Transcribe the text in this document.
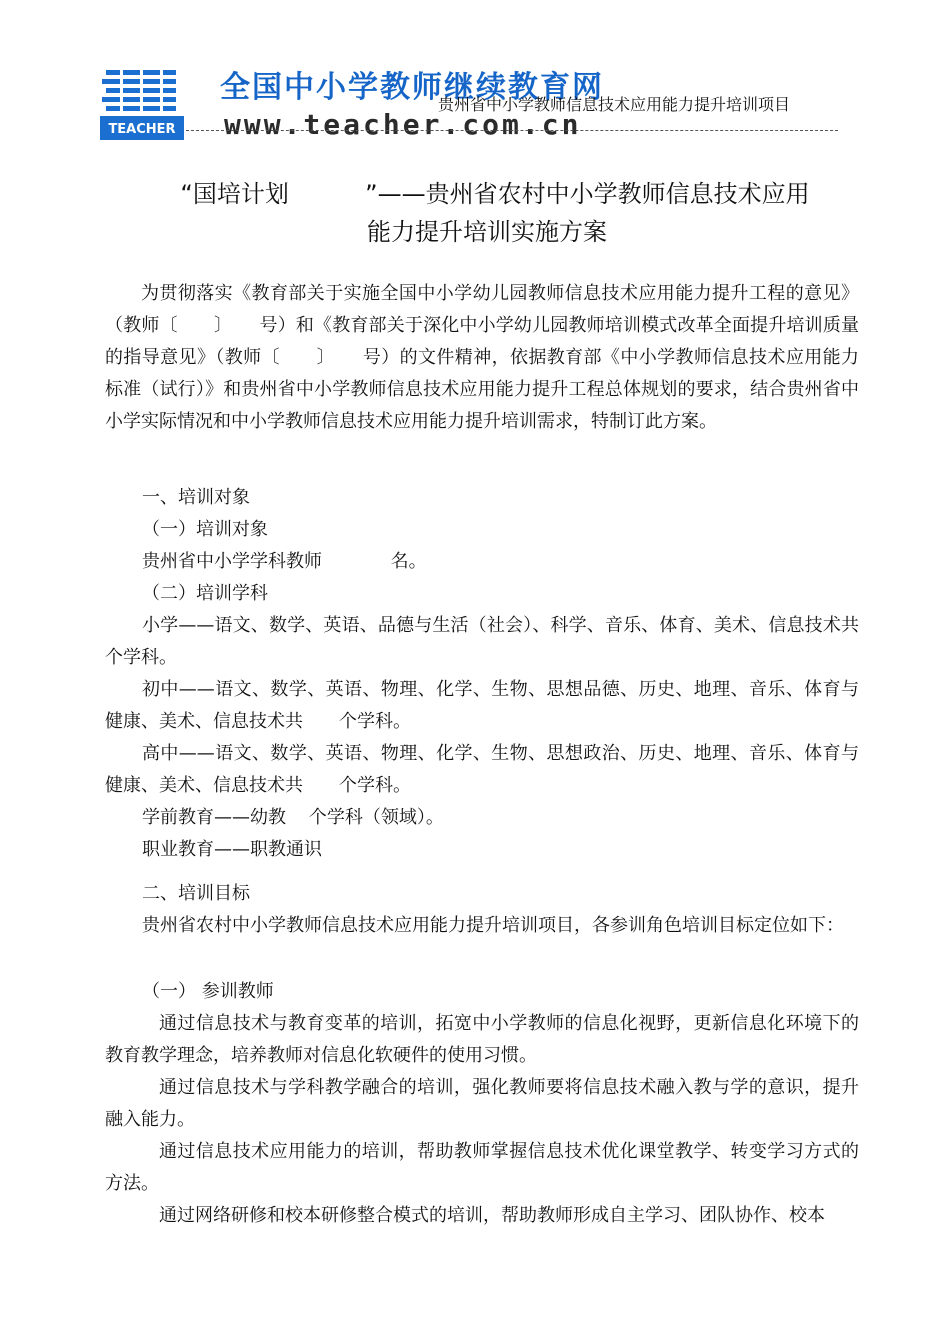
TEACHER
全国中小学教师继续教育网
www.teacher.com.cn
贵州省中小学教师信息技术应用能力提升培训项目
“国培计划          ”——贵州省农村中小学教师信息技术应用
能力提升培训实施方案
为贯彻落实《教育部关于实施全国中小学幼儿园教师信息技术应用能力提升工程的意见》（教师〔　　〕　　号）和《教育部关于深化中小学幼儿园教师培训模式改革全面提升培训质量的指导意见》（教师〔　　〕　　号）的文件精神，依据教育部《中小学教师信息技术应用能力标准（试行）》和贵州省中小学教师信息技术应用能力提升工程总体规划的要求，结合贵州省中小学实际情况和中小学教师信息技术应用能力提升培训需求，特制订此方案。
一、培训对象
（一）培训对象
贵州省中小学学科教师            名。
（二）培训学科
小学——语文、数学、英语、品德与生活（社会）、科学、音乐、体育、美术、信息技术共　个学科。
初中——语文、数学、英语、物理、化学、生物、思想品德、历史、地理、音乐、体育与健康、美术、信息技术共　　个学科。
高中——语文、数学、英语、物理、化学、生物、思想政治、历史、地理、音乐、体育与健康、美术、信息技术共　　个学科。
学前教育——幼教    个学科（领域）。
职业教育——职教通识
二、培训目标
贵州省农村中小学教师信息技术应用能力提升培训项目，各参训角色培训目标定位如下：
（一） 参训教师
通过信息技术与教育变革的培训，拓宽中小学教师的信息化视野，更新信息化环境下的教育教学理念，培养教师对信息化软硬件的使用习惯。
通过信息技术与学科教学融合的培训，强化教师要将信息技术融入教与学的意识，提升融入能力。
通过信息技术应用能力的培训，帮助教师掌握信息技术优化课堂教学、转变学习方式的方法。
通过网络研修和校本研修整合模式的培训，帮助教师形成自主学习、团队协作、校本
